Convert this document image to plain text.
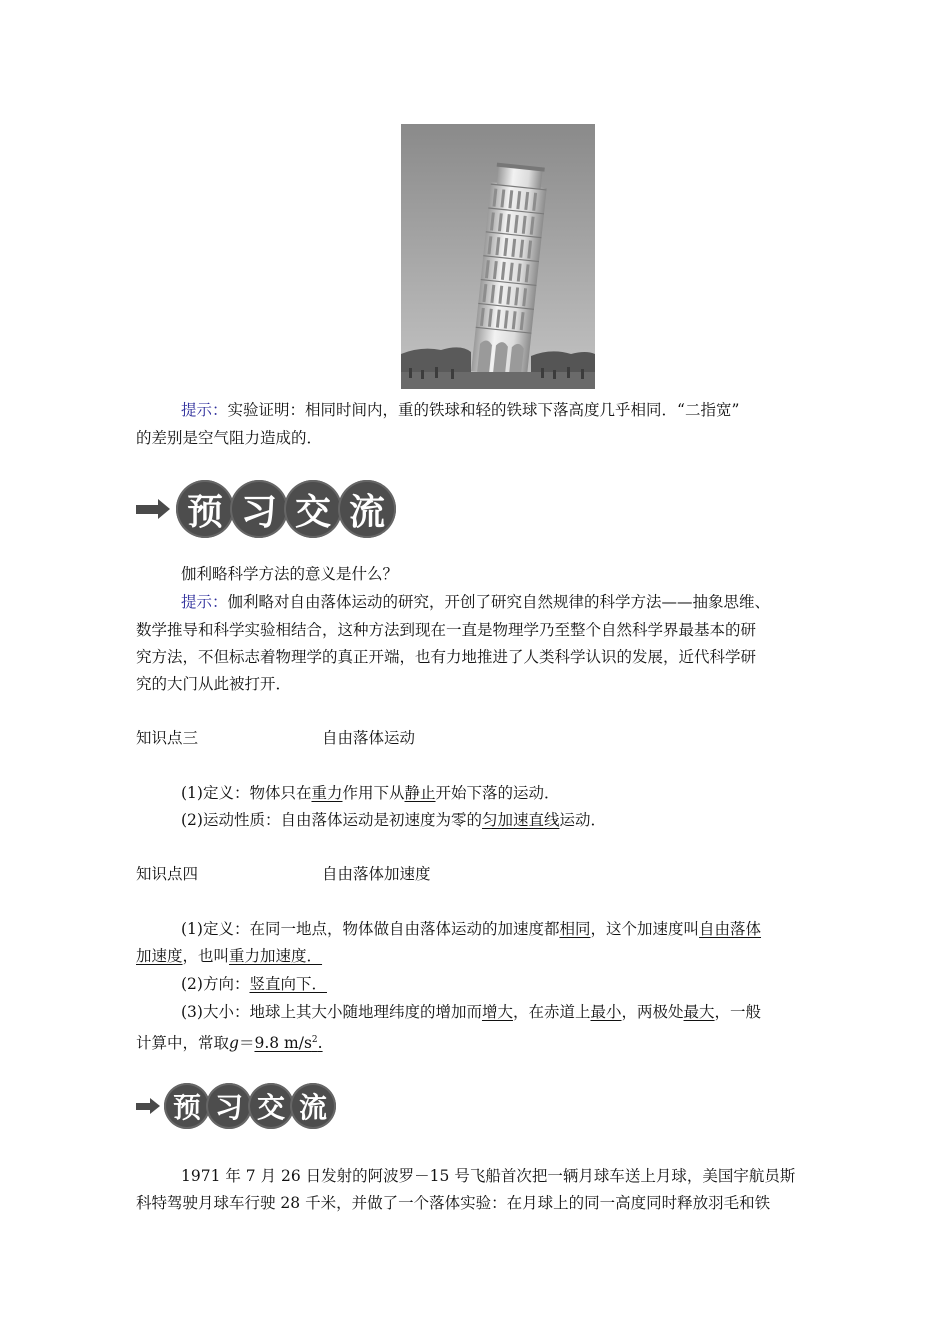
提示：实验证明：相同时间内，重的铁球和轻的铁球下落高度几乎相同．“二指宽”
的差别是空气阻力造成的．
预 习 交 流
伽利略科学方法的意义是什么？
提示：伽利略对自由落体运动的研究，开创了研究自然规律的科学方法——抽象思维、
数学推导和科学实验相结合，这种方法到现在一直是物理学乃至整个自然科学界最基本的研
究方法，不但标志着物理学的真正开端，也有力地推进了人类科学认识的发展，近代科学研
究的大门从此被打开．
知识点三	自由落体运动
(1)定义：物体只在重力作用下从静止开始下落的运动．
(2)运动性质：自由落体运动是初速度为零的匀加速直线运动．
知识点四	自由落体加速度
(1)定义：在同一地点，物体做自由落体运动的加速度都相同，这个加速度叫自由落体
加速度，也叫重力加速度．
(2)方向：竖直向下．
(3)大小：地球上其大小随地理纬度的增加而增大，在赤道上最小，两极处最大，一般
计算中，常取g＝9.8 $m/s^2$.
预 习 交 流
1971 年 7 月 26 日发射的阿波罗－15 号飞船首次把一辆月球车送上月球，美国宇航员斯
科特驾驶月球车行驶 28 千米，并做了一个落体实验：在月球上的同一高度同时释放羽毛和铁
